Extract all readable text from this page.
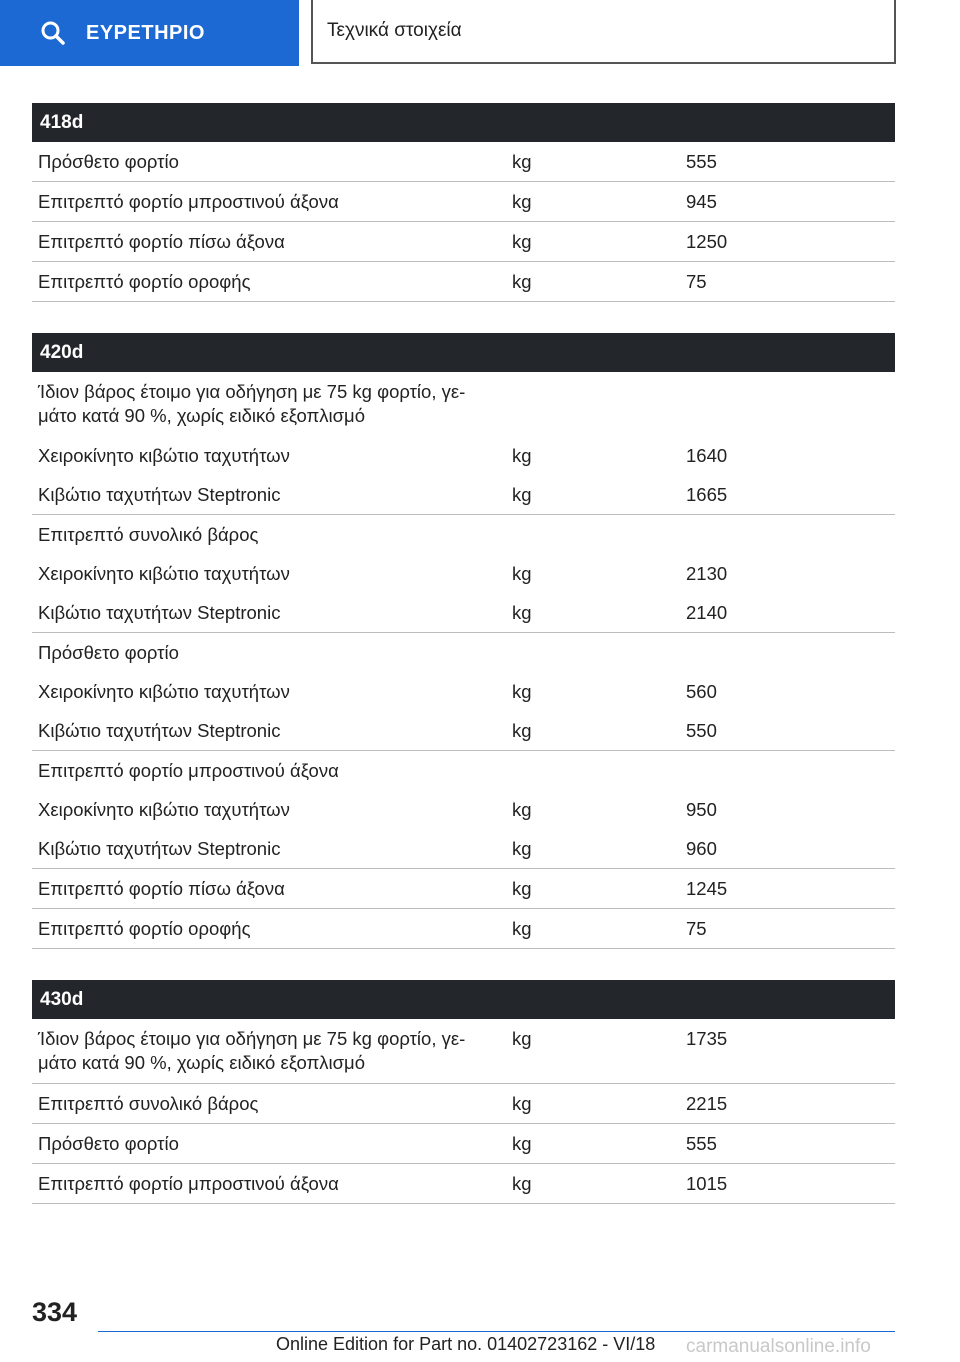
ΕΥΡΕΤΗΡΙΟ	Τεχνικά στοιχεία
418d		
Πρόσθετο φορτίο	kg	555
Επιτρεπτό φορτίο μπροστινού άξονα	kg	945
Επιτρεπτό φορτίο πίσω άξονα	kg	1250
Επιτρεπτό φορτίο οροφής	kg	75
420d		
Ίδιον βάρος έτοιμο για οδήγηση με 75 kg φορτίο, γε-
μάτο κατά 90 %, χωρίς ειδικό εξοπλισμό		
Χειροκίνητο κιβώτιο ταχυτήτων	kg	1640
Κιβώτιο ταχυτήτων Steptronic	kg	1665
Επιτρεπτό συνολικό βάρος		
Χειροκίνητο κιβώτιο ταχυτήτων	kg	2130
Κιβώτιο ταχυτήτων Steptronic	kg	2140
Πρόσθετο φορτίο		
Χειροκίνητο κιβώτιο ταχυτήτων	kg	560
Κιβώτιο ταχυτήτων Steptronic	kg	550
Επιτρεπτό φορτίο μπροστινού άξονα		
Χειροκίνητο κιβώτιο ταχυτήτων	kg	950
Κιβώτιο ταχυτήτων Steptronic	kg	960
Επιτρεπτό φορτίο πίσω άξονα	kg	1245
Επιτρεπτό φορτίο οροφής	kg	75
430d		
Ίδιον βάρος έτοιμο για οδήγηση με 75 kg φορτίο, γε-
μάτο κατά 90 %, χωρίς ειδικό εξοπλισμό	kg	1735
Επιτρεπτό συνολικό βάρος	kg	2215
Πρόσθετο φορτίο	kg	555
Επιτρεπτό φορτίο μπροστινού άξονα	kg	1015
334
Online Edition for Part no. 01402723162 - VI/18 carmanualsonline.info
